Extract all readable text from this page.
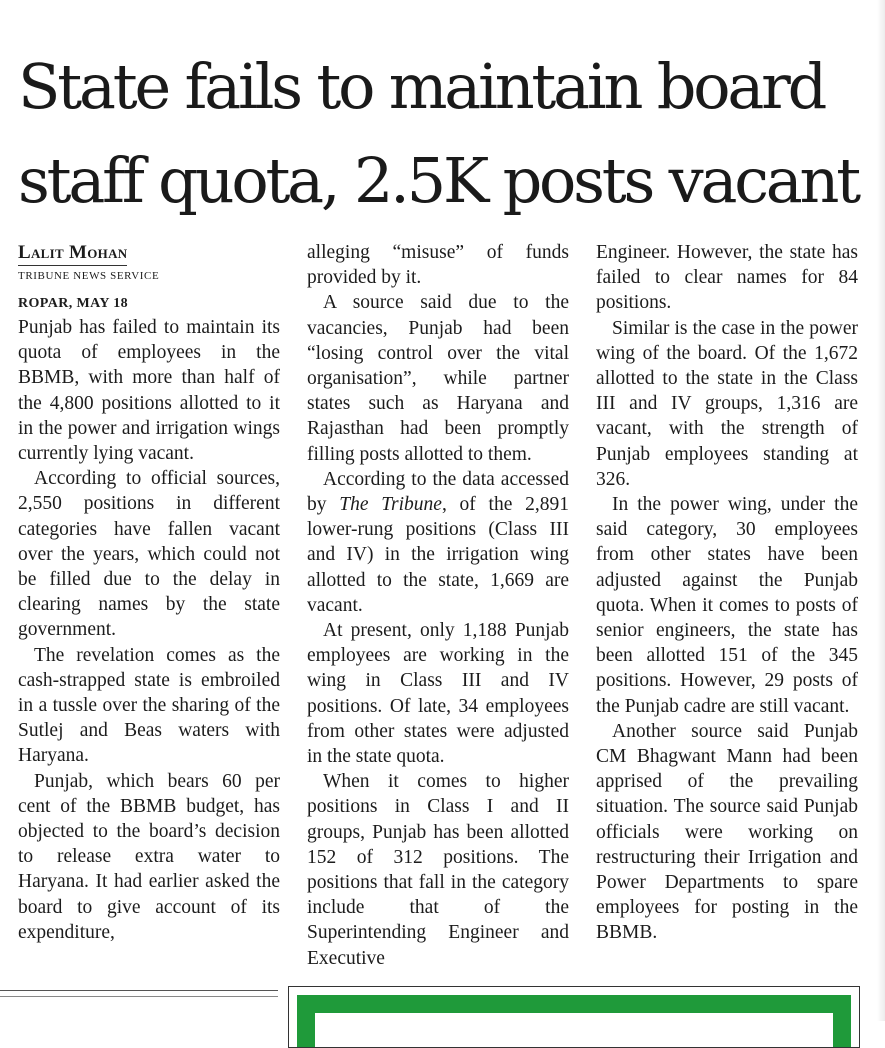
State fails to maintain board
staff quota, 2.5K posts vacant
Lalit Mohan
TRIBUNE NEWS SERVICE
ROPAR, MAY 18

Punjab has failed to maintain its quota of employees in the BBMB, with more than half of the 4,800 positions allotted to it in the power and irrigation wings currently lying vacant.

According to official sources, 2,550 positions in different categories have fallen vacant over the years, which could not be filled due to the delay in clearing names by the state government.

The revelation comes as the cash-strapped state is embroiled in a tussle over the sharing of the Sutlej and Beas waters with Haryana.

Punjab, which bears 60 per cent of the BBMB budget, has objected to the board’s decision to release extra water to Haryana. It had earlier asked the board to give account of its expenditure,

alleging “misuse” of funds provided by it.

A source said due to the vacancies, Punjab had been “losing control over the vital organisation”, while partner states such as Haryana and Rajasthan had been promptly filling posts allotted to them.

According to the data accessed by The Tribune, of the 2,891 lower-rung positions (Class III and IV) in the irrigation wing allotted to the state, 1,669 are vacant.

At present, only 1,188 Punjab employees are working in the wing in Class III and IV positions. Of late, 34 employees from other states were adjusted in the state quota.

When it comes to higher positions in Class I and II groups, Punjab has been allotted 152 of 312 positions. The positions that fall in the category include that of the Superintending Engineer and Executive

Engineer. However, the state has failed to clear names for 84 positions.

Similar is the case in the power wing of the board. Of the 1,672 allotted to the state in the Class III and IV groups, 1,316 are vacant, with the strength of Punjab employees standing at 326.

In the power wing, under the said category, 30 employees from other states have been adjusted against the Punjab quota. When it comes to posts of senior engineers, the state has been allotted 151 of the 345 positions. However, 29 posts of the Punjab cadre are still vacant.

Another source said Punjab CM Bhagwant Mann had been apprised of the prevailing situation. The source said Punjab officials were working on restructuring their Irrigation and Power Departments to spare employees for posting in the BBMB.
